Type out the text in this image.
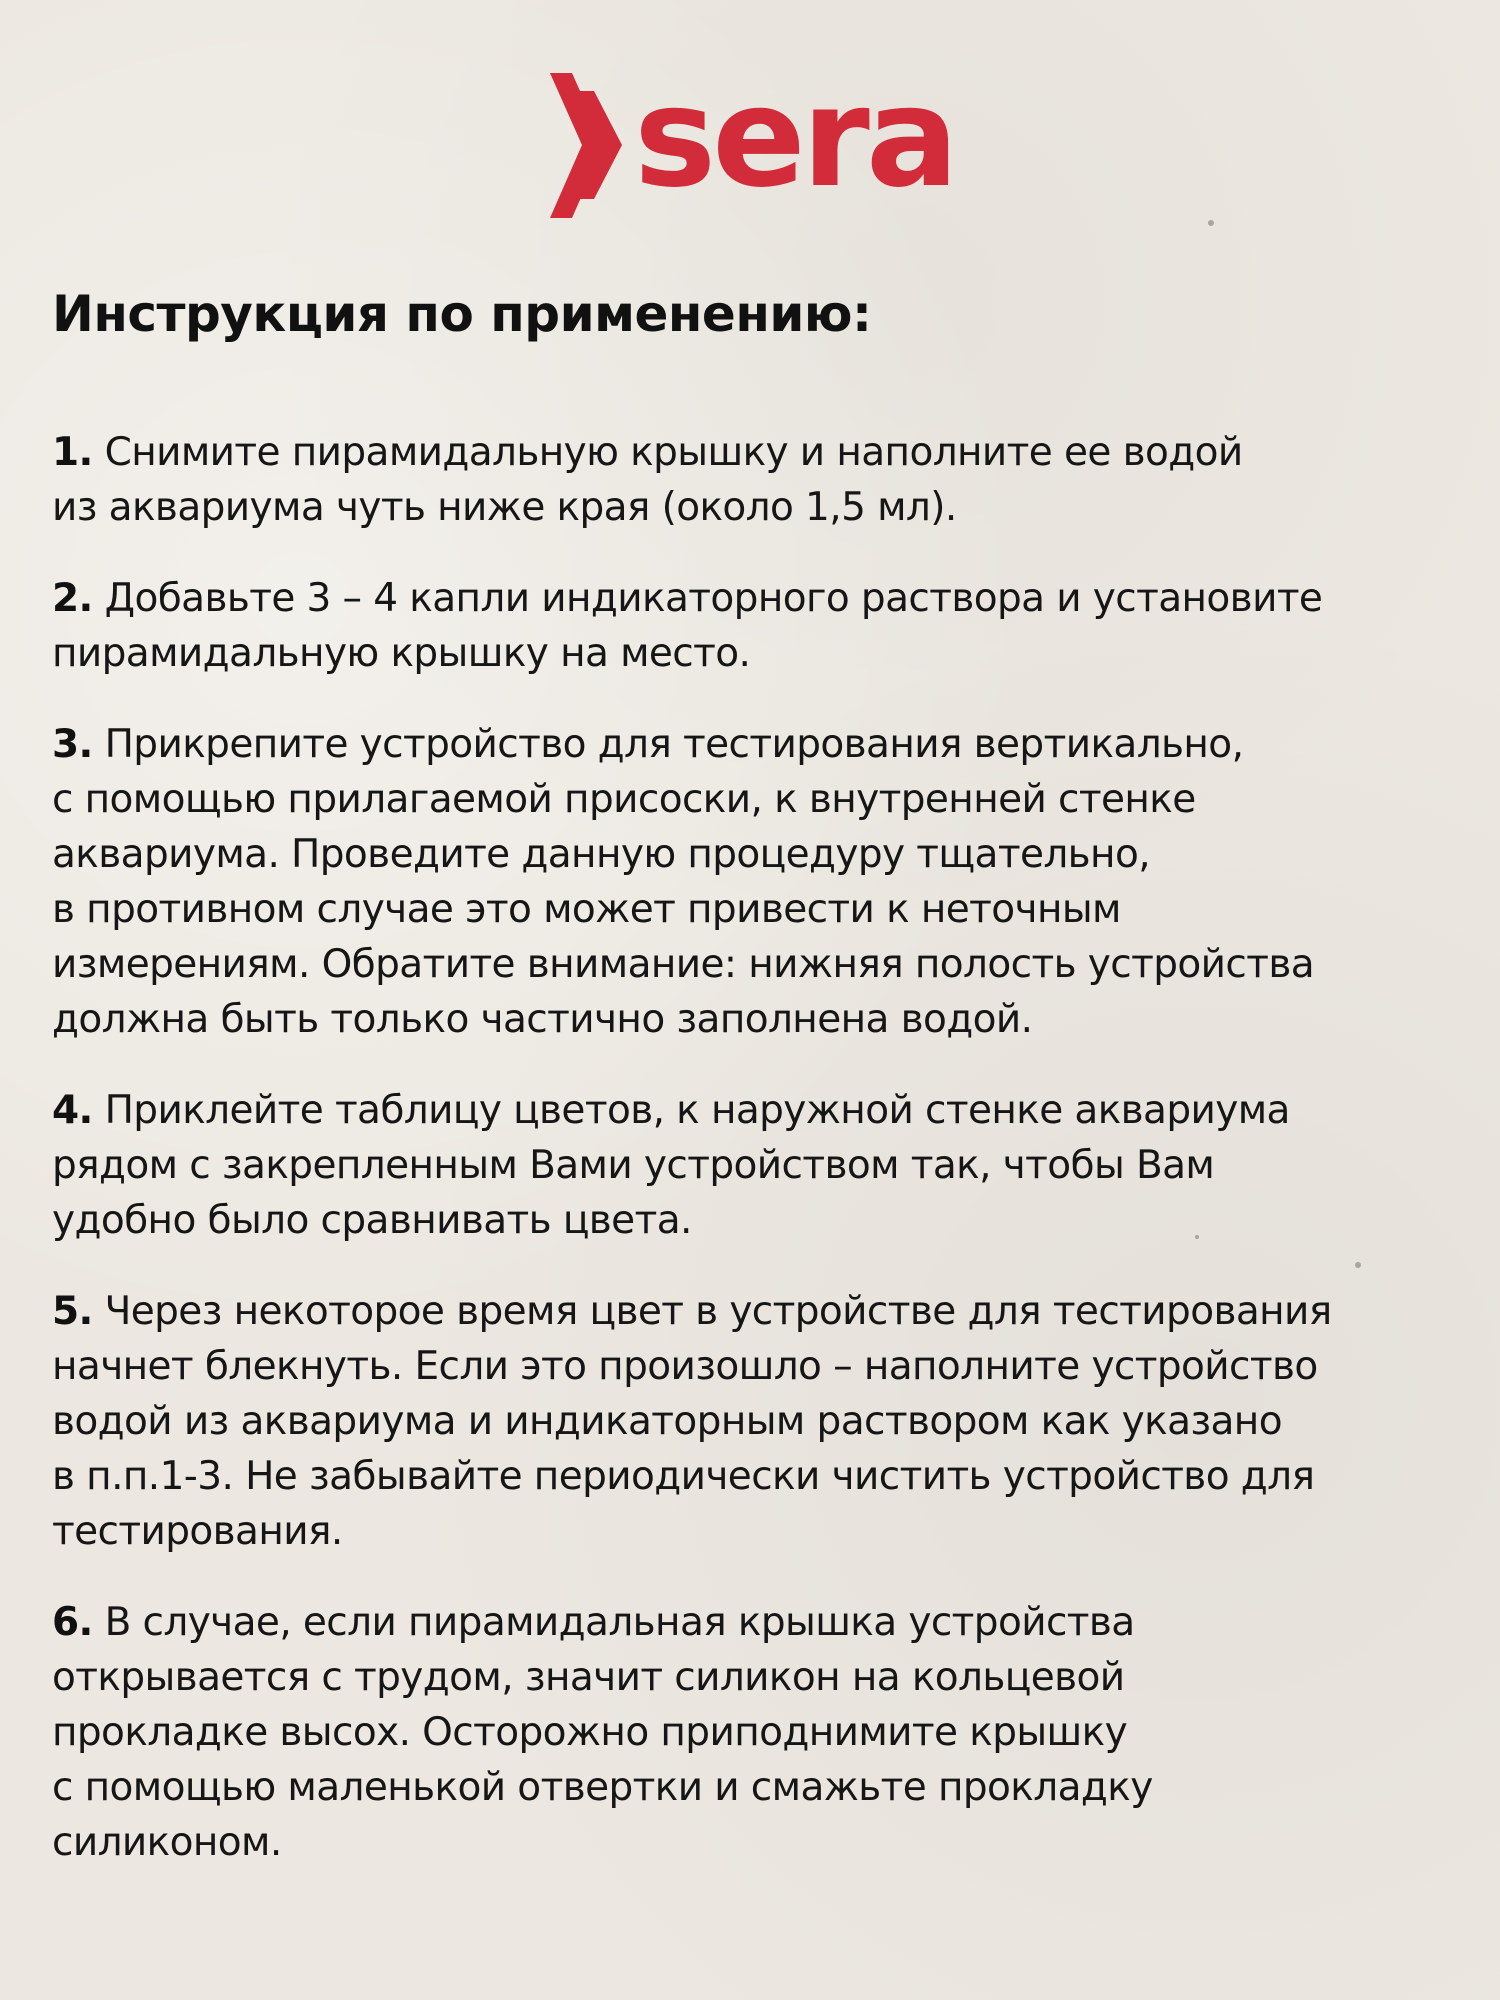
sera
Инструкция по применению:
1. Снимите пирамидальную крышку и наполните ее водой
из аквариума чуть ниже края (около 1,5 мл).
2. Добавьте 3 – 4 капли индикаторного раствора и установите
пирамидальную крышку на место.
3. Прикрепите устройство для тестирования вертикально,
с помощью прилагаемой присоски, к внутренней стенке
аквариума. Проведите данную процедуру тщательно,
в противном случае это может привести к неточным
измерениям. Обратите внимание: нижняя полость устройства
должна быть только частично заполнена водой.
4. Приклейте таблицу цветов, к наружной стенке аквариума
рядом с закрепленным Вами устройством так, чтобы Вам
удобно было сравнивать цвета.
5. Через некоторое время цвет в устройстве для тестирования
начнет блекнуть. Если это произошло – наполните устройство
водой из аквариума и индикаторным раствором как указано
в п.п.1-3. Не забывайте периодически чистить устройство для
тестирования.
6. В случае, если пирамидальная крышка устройства
открывается с трудом, значит силикон на кольцевой
прокладке высох. Осторожно приподнимите крышку
с помощью маленькой отвертки и смажьте прокладку
силиконом.
